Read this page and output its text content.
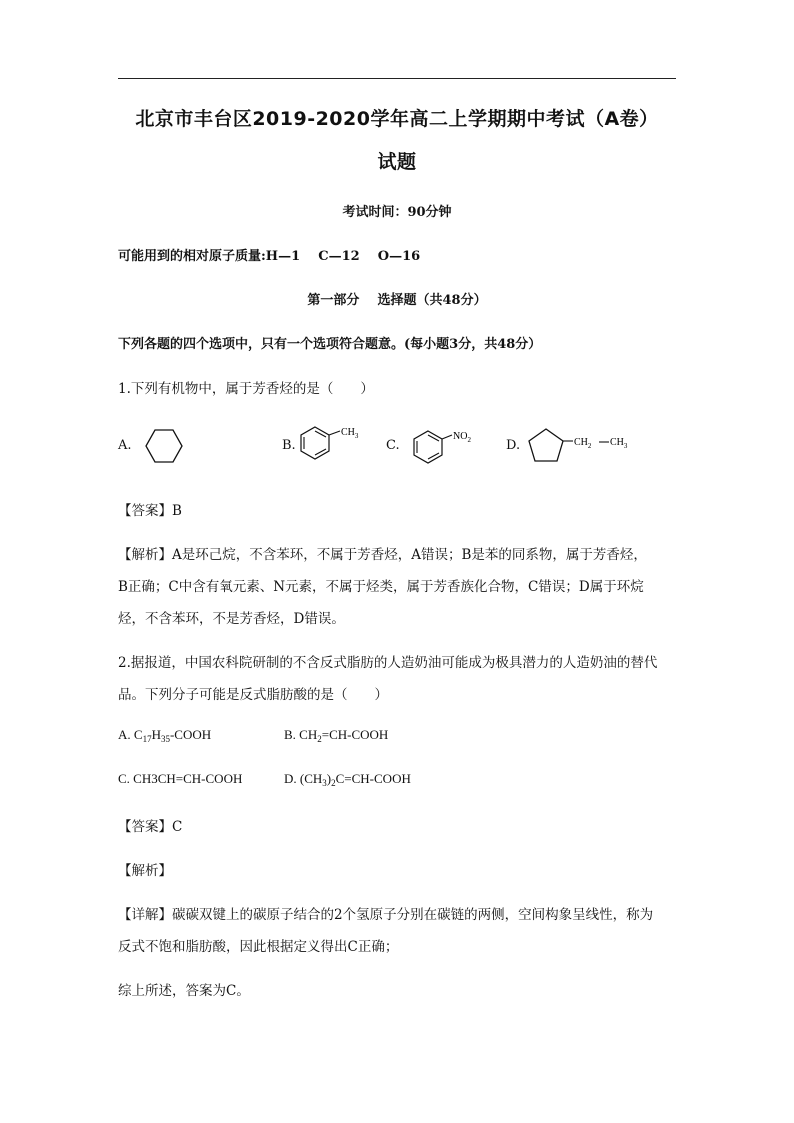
北京市丰台区2019-2020学年高二上学期期中考试（A卷）
试题
考试时间：90分钟
可能用到的相对原子质量:H—1    C—12    O—16
第一部分    选择题（共48分）
下列各题的四个选项中，只有一个选项符合题意。(每小题3分，共48分）
1.下列有机物中，属于芳香烃的是（　　）
A.	B.
$CH_3$
C.
$NO_2$	D.	$CH_2$ $CH_3$
【答案】B
【解析】A是环己烷，不含苯环，不属于芳香烃，A错误；B是苯的同系物，属于芳香烃，
B正确；C中含有氧元素、N元素，不属于烃类，属于芳香族化合物，C错误；D属于环烷
烃，不含苯环，不是芳香烃，D错误。
2.据报道，中国农科院研制的不含反式脂肪的人造奶油可能成为极具潜力的人造奶油的替代
品。下列分子可能是反式脂肪酸的是（　　）
A. $C_{17}H_{35}$-COOH	B. $CH_2=CH$-COOH
C. CH3CH=CH-COOH	D. $(CH_3)_2C=CH$-COOH
【答案】C
【解析】
【详解】碳碳双键上的碳原子结合的2个氢原子分别在碳链的两侧，空间构象呈线性，称为
反式不饱和脂肪酸，因此根据定义得出C正确；
综上所述，答案为C。
